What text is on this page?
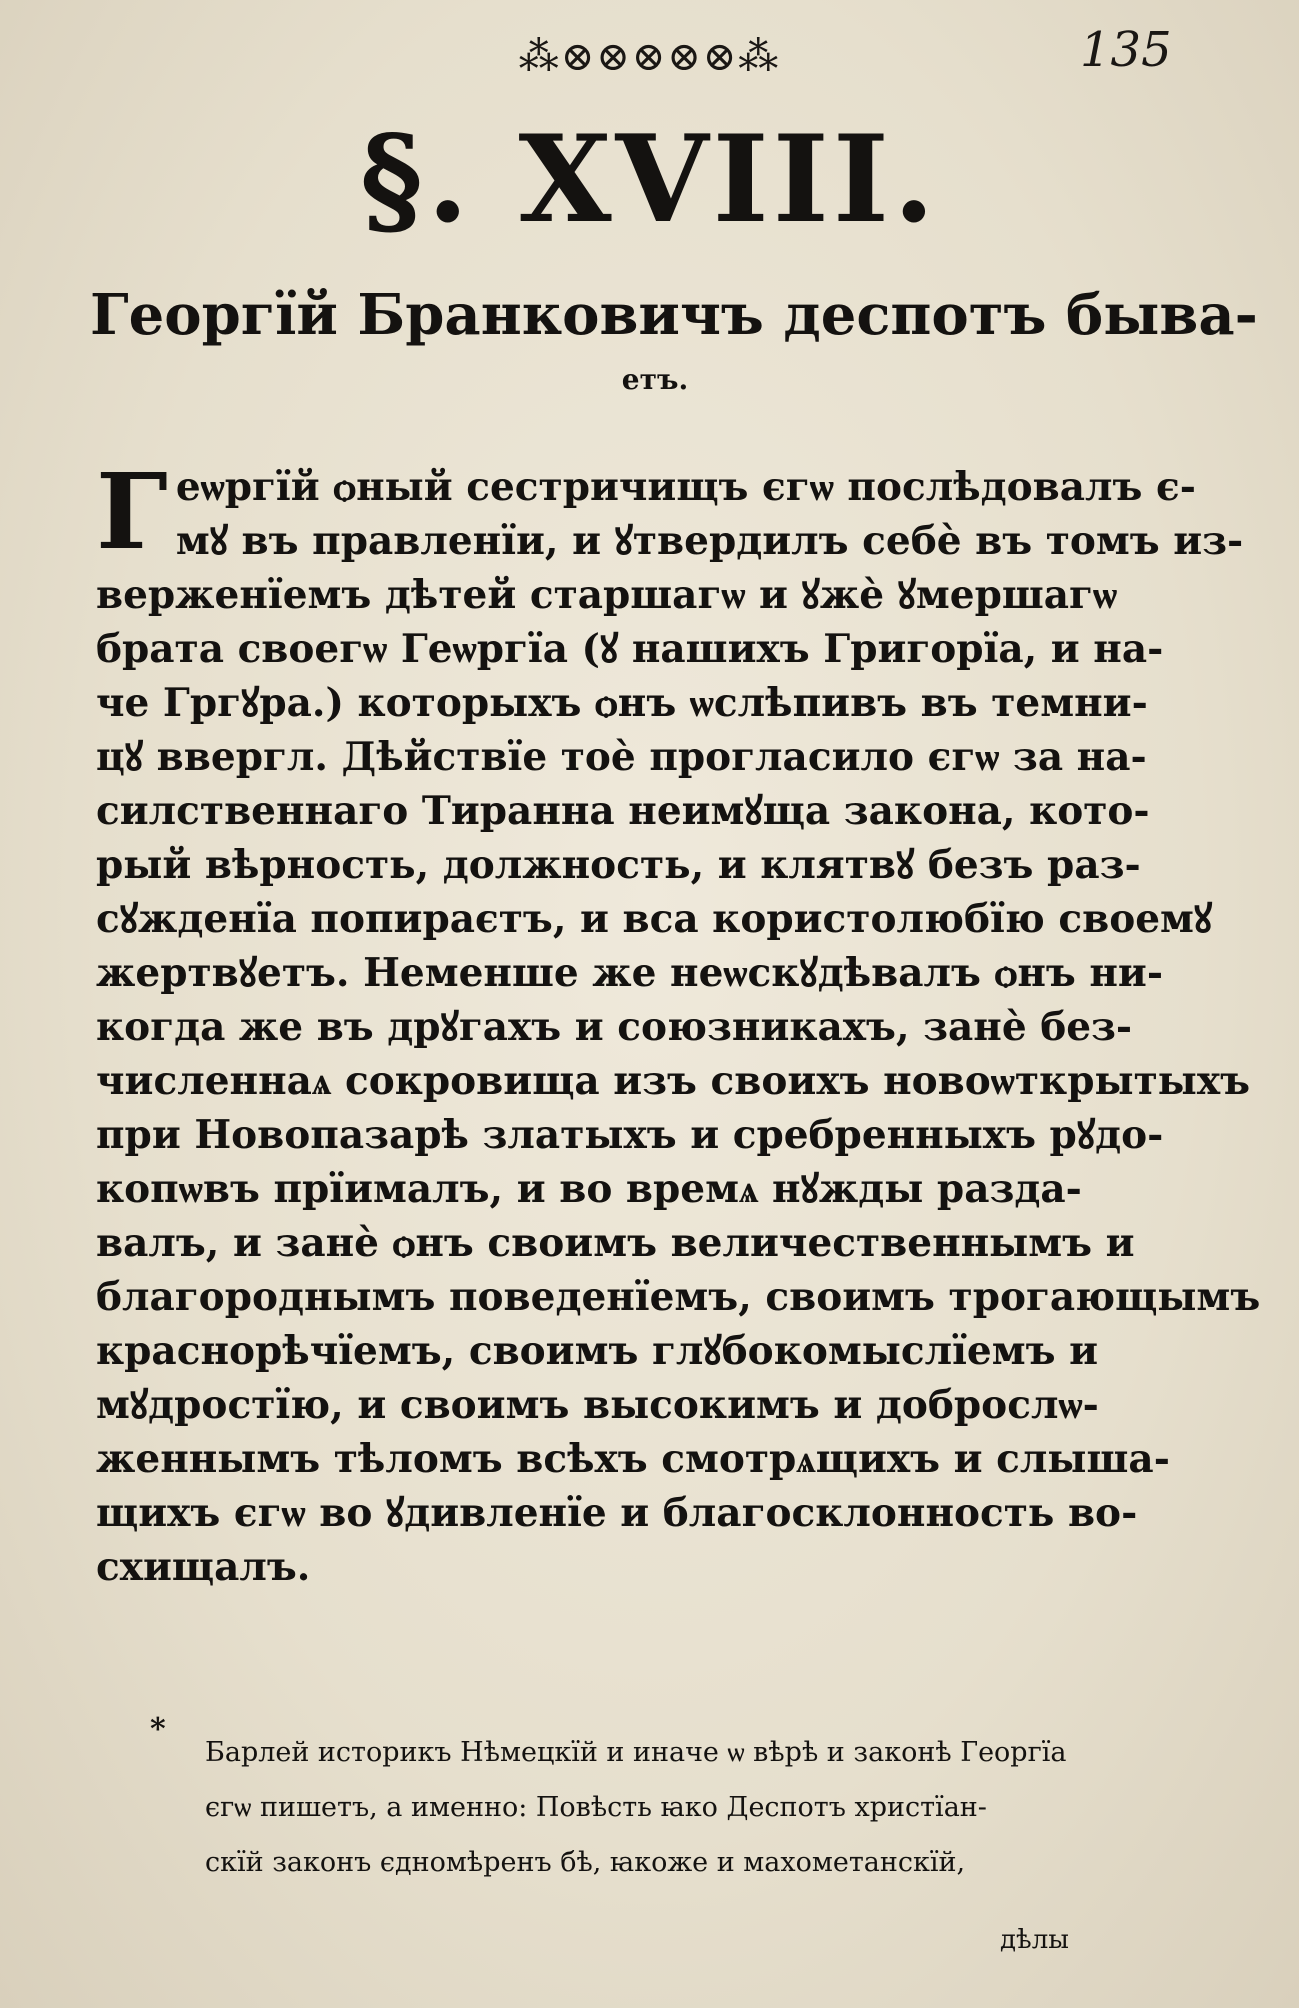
⁂⊗⊗⊗⊗⊗⁂	135
§. XVIII.
Георгїй Бранковичъ деспотъ быва-
етъ.
Г еѡргїй ѻный сестричищъ єгѡ послѣдовалъ є-
мꙋ въ правленїи, и ꙋтвердилъ себѐ въ томъ из-
верженїемъ дѣтей старшагѡ и ꙋжѐ ꙋмершагѡ
брата своегѡ Геѡргїа (ꙋ нашихъ Григорїа, и на-
че Гргꙋра.) которыхъ ѻнъ ѡслѣпивъ въ темни-
цꙋ ввергл. Дѣйствїе тоѐ прогласило єгѡ за на-
силственнаго Тиранна неимꙋща закона, кото-
рый вѣрность, должность, и клятвꙋ безъ раз-
сꙋжденїа попираєтъ, и вса користолюбїю своемꙋ
жертвꙋетъ. Неменше же неѡскꙋдѣвалъ ѻнъ ни-
когда же въ дрꙋгахъ и союзникахъ, занѐ без-
численнаѧ сокровища изъ своихъ новоѡткрытыхъ
при Новопазарѣ златыхъ и сребренныхъ рꙋдо-
копѡвъ прїималъ, и во времѧ нꙋжды разда-
валъ, и занѐ ѻнъ своимъ величественнымъ и
благороднымъ поведенїемъ, своимъ трогающымъ
краснорѣчїемъ, своимъ глꙋбокомыслїемъ и
мꙋдростїю, и своимъ высокимъ и доброслѡ-
женнымъ тѣломъ всѣхъ смотрѧщихъ и слыша-
щихъ єгѡ во ꙋдивленїе и благосклонность во-
схищалъ.
*
Барлей историкъ Нѣмецкїй и иначе ѡ вѣрѣ и законѣ Георгїа
єгѡ пишетъ, а именно: Повѣсть ꙗко Деспотъ христїан-
скїй законъ єдномѣренъ бѣ, ꙗкоже и махометанскїй,
дѣлы
